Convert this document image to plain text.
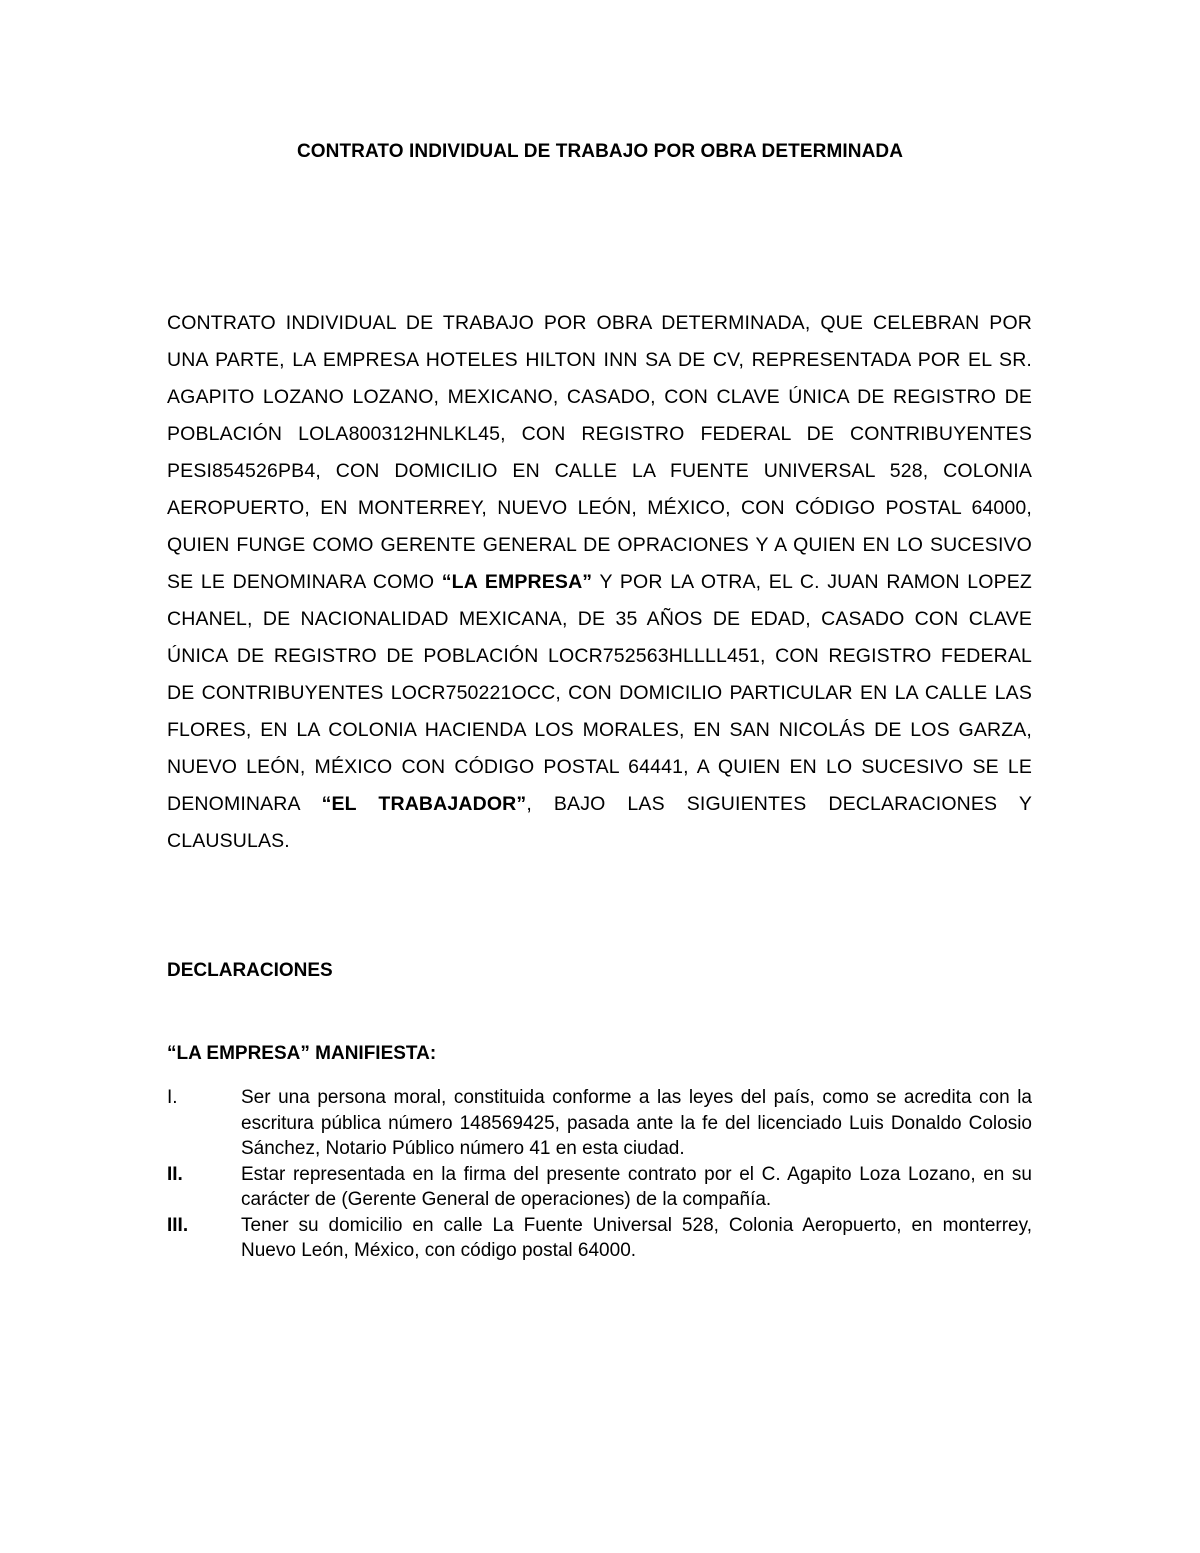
CONTRATO INDIVIDUAL DE TRABAJO POR OBRA DETERMINADA

CONTRATO INDIVIDUAL DE TRABAJO POR OBRA DETERMINADA, QUE CELEBRAN POR UNA PARTE, LA EMPRESA HOTELES HILTON INN SA DE CV, REPRESENTADA POR EL SR. AGAPITO LOZANO LOZANO, MEXICANO, CASADO, CON CLAVE ÚNICA DE REGISTRO DE POBLACIÓN LOLA800312HNLKL45, CON REGISTRO FEDERAL DE CONTRIBUYENTES PESI854526PB4, CON DOMICILIO EN CALLE LA FUENTE UNIVERSAL 528, COLONIA AEROPUERTO, EN MONTERREY, NUEVO LEÓN, MÉXICO, CON CÓDIGO POSTAL 64000, QUIEN FUNGE COMO GERENTE GENERAL DE OPRACIONES Y A QUIEN EN LO SUCESIVO SE LE DENOMINARA COMO “LA EMPRESA” Y POR LA OTRA, EL C. JUAN RAMON LOPEZ CHANEL, DE NACIONALIDAD MEXICANA, DE 35 AÑOS DE EDAD, CASADO CON CLAVE ÚNICA DE REGISTRO DE POBLACIÓN LOCR752563HLLLL451, CON REGISTRO FEDERAL DE CONTRIBUYENTES LOCR750221OCC, CON DOMICILIO PARTICULAR EN LA CALLE LAS FLORES, EN LA COLONIA HACIENDA LOS MORALES, EN SAN NICOLÁS DE LOS GARZA, NUEVO LEÓN, MÉXICO CON CÓDIGO POSTAL 64441, A QUIEN EN LO SUCESIVO SE LE DENOMINARA “EL TRABAJADOR”, BAJO LAS SIGUIENTES DECLARACIONES Y CLAUSULAS.

DECLARACIONES
“LA EMPRESA” MANIFIESTA:
I.	Ser una persona moral, constituida conforme a las leyes del país, como se acredita con la escritura pública número 148569425, pasada ante la fe del licenciado Luis Donaldo Colosio Sánchez, Notario Público número 41 en esta ciudad.
II.	Estar representada en la firma del presente contrato por el C. Agapito Loza Lozano, en su carácter de (Gerente General de operaciones) de la compañía.
III.	Tener su domicilio en calle La Fuente Universal 528, Colonia Aeropuerto, en monterrey, Nuevo León, México, con código postal 64000.
